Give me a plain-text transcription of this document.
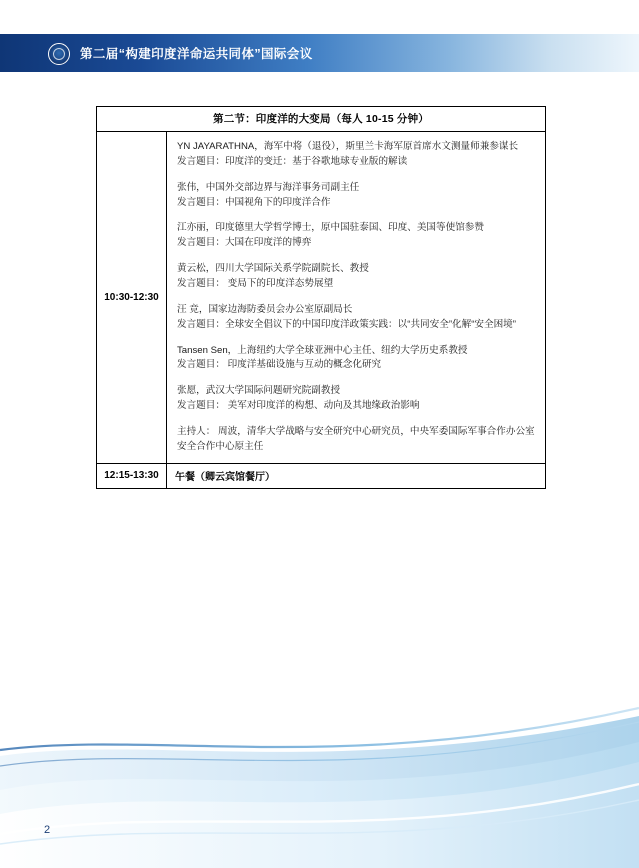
第二届“构建印度洋命运共同体”国际会议
第二节：印度洋的大变局（每人 10-15 分钟）	
10:30-12:30	
YN JAYARATHNA，海军中将（退役），斯里兰卡海军原首席水文测量师兼参谋长
发言题目：印度洋的变迁：基于谷歌地球专业版的解读
张伟，中国外交部边界与海洋事务司副主任
发言题目：中国视角下的印度洋合作
江亦丽，印度德里大学哲学博士，原中国驻泰国、印度、美国等使馆参赞
发言题目：大国在印度洋的博弈
黄云松，四川大学国际关系学院副院长、教授
发言题目： 变局下的印度洋态势展望
汪 竞，国家边海防委员会办公室原副局长
发言题目：全球安全倡议下的中国印度洋政策实践：以“共同安全”化解“安全困境”
Tansen Sen，上海纽约大学全球亚洲中心主任、纽约大学历史系教授
发言题目： 印度洋基础设施与互动的概念化研究
张愿，武汉大学国际问题研究院副教授
发言题目： 美军对印度洋的构想、动向及其地缘政治影响
主持人： 周波，清华大学战略与安全研究中心研究员，中央军委国际军事合作办公室
安全合作中心原主任

12:15-13:30	午餐（卿云宾馆餐厅）
2
